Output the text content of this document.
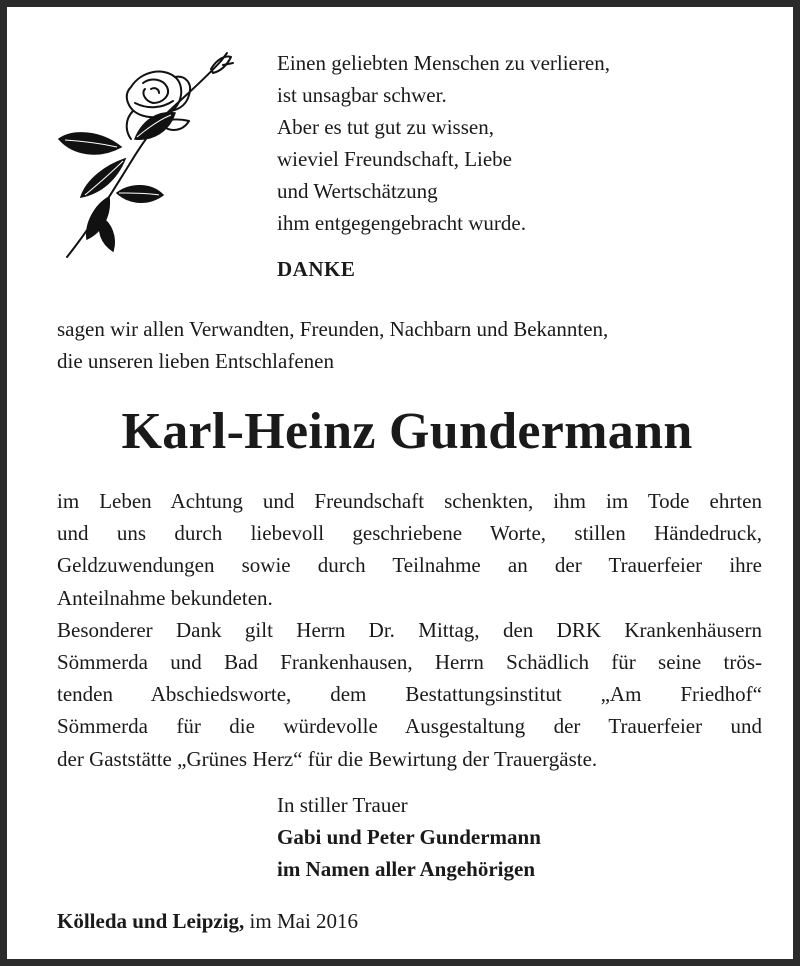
Einen geliebten Menschen zu verlieren,
ist unsagbar schwer.
Aber es tut gut zu wissen,
wieviel Freundschaft, Liebe
und Wertschätzung
ihm entgegengebracht wurde.
DANKE
sagen wir allen Verwandten, Freunden, Nachbarn und Bekannten,
die unseren lieben Entschlafenen
Karl-Heinz Gundermann
im Leben Achtung und Freundschaft schenkten, ihm im Tode ehrten
und uns durch liebevoll geschriebene Worte, stillen Händedruck,
Geldzuwendungen sowie durch Teilnahme an der Trauerfeier ihre
Anteilnahme bekundeten.
Besonderer Dank gilt Herrn Dr. Mittag, den DRK Krankenhäusern
Sömmerda und Bad Frankenhausen, Herrn Schädlich für seine trös-
tenden Abschiedsworte, dem Bestattungsinstitut „Am Friedhof“
Sömmerda für die würdevolle Ausgestaltung der Trauerfeier und
der Gaststätte „Grünes Herz“ für die Bewirtung der Trauergäste.
In stiller Trauer
Gabi und Peter Gundermann
im Namen aller Angehörigen
Kölleda und Leipzig, im Mai 2016
